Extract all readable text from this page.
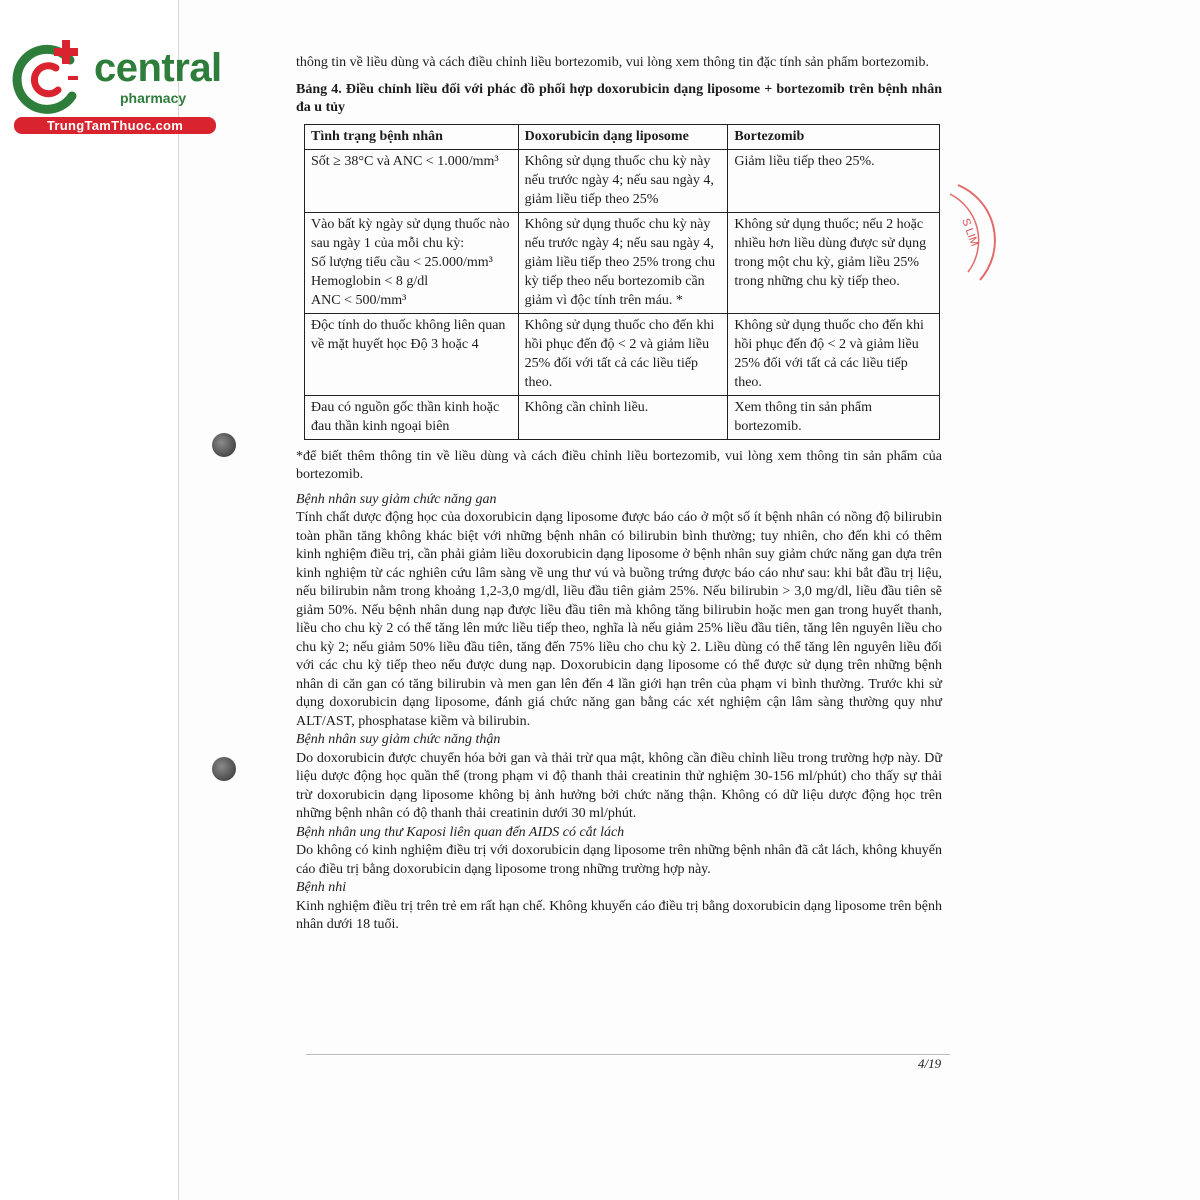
central
pharmacy
TrungTamThuoc.com
S LIM

thông tin về liều dùng và cách điều chỉnh liều bortezomib, vui lòng xem thông tin đặc tính sản phẩm bortezomib.

Bảng 4. Điều chỉnh liều đối với phác đồ phối hợp doxorubicin dạng liposome + bortezomib trên bệnh nhân đa u tủy

Tình trạng bệnh nhân	Doxorubicin dạng liposome	Bortezomib

Sốt ≥ 38°C và ANC < 1.000/mm³	Không sử dụng thuốc chu kỳ này nếu trước ngày 4; nếu sau ngày 4, giảm liều tiếp theo 25%	Giảm liều tiếp theo 25%.

Vào bất kỳ ngày sử dụng thuốc nào sau ngày 1 của mỗi chu kỳ:
Số lượng tiểu cầu < 25.000/mm³
Hemoglobin < 8 g/dl
ANC < 500/mm³	Không sử dụng thuốc chu kỳ này nếu trước ngày 4; nếu sau ngày 4, giảm liều tiếp theo 25% trong chu kỳ tiếp theo nếu bortezomib cần giảm vì độc tính trên máu. *	Không sử dụng thuốc; nếu 2 hoặc nhiều hơn liều dùng được sử dụng trong một chu kỳ, giảm liều 25% trong những chu kỳ tiếp theo.

Độc tính do thuốc không liên quan về mặt huyết học Độ 3 hoặc 4	Không sử dụng thuốc cho đến khi hồi phục đến độ < 2 và giảm liều 25% đối với tất cả các liều tiếp theo.	Không sử dụng thuốc cho đến khi hồi phục đến độ < 2 và giảm liều 25% đối với tất cả các liều tiếp theo.

Đau có nguồn gốc thần kinh hoặc đau thần kinh ngoại biên	Không cần chỉnh liều.	Xem thông tin sản phẩm bortezomib.

*để biết thêm thông tin về liều dùng và cách điều chỉnh liều bortezomib, vui lòng xem thông tin sản phẩm của bortezomib.

Bệnh nhân suy giảm chức năng gan

Tính chất dược động học của doxorubicin dạng liposome được báo cáo ở một số ít bệnh nhân có nồng độ bilirubin toàn phần tăng không khác biệt với những bệnh nhân có bilirubin bình thường; tuy nhiên, cho đến khi có thêm kinh nghiệm điều trị, cần phải giảm liều doxorubicin dạng liposome ở bệnh nhân suy giảm chức năng gan dựa trên kinh nghiệm từ các nghiên cứu lâm sàng về ung thư vú và buồng trứng được báo cáo như sau: khi bắt đầu trị liệu, nếu bilirubin nằm trong khoảng 1,2-3,0 mg/dl, liều đầu tiên giảm 25%. Nếu bilirubin > 3,0 mg/dl, liều đầu tiên sẽ giảm 50%. Nếu bệnh nhân dung nạp được liều đầu tiên mà không tăng bilirubin hoặc men gan trong huyết thanh, liều cho chu kỳ 2 có thể tăng lên mức liều tiếp theo, nghĩa là nếu giảm 25% liều đầu tiên, tăng lên nguyên liều cho chu kỳ 2; nếu giảm 50% liều đầu tiên, tăng đến 75% liều cho chu kỳ 2. Liều dùng có thể tăng lên nguyên liều đối với các chu kỳ tiếp theo nếu được dung nạp. Doxorubicin dạng liposome có thể được sử dụng trên những bệnh nhân di căn gan có tăng bilirubin và men gan lên đến 4 lần giới hạn trên của phạm vi bình thường. Trước khi sử dụng doxorubicin dạng liposome, đánh giá chức năng gan bằng các xét nghiệm cận lâm sàng thường quy như ALT/AST, phosphatase kiềm và bilirubin.

Bệnh nhân suy giảm chức năng thận

Do doxorubicin được chuyển hóa bởi gan và thải trừ qua mật, không cần điều chỉnh liều trong trường hợp này. Dữ liệu dược động học quần thể (trong phạm vi độ thanh thải creatinin thử nghiệm 30-156 ml/phút) cho thấy sự thải trừ doxorubicin dạng liposome không bị ảnh hưởng bởi chức năng thận. Không có dữ liệu dược động học trên những bệnh nhân có độ thanh thải creatinin dưới 30 ml/phút.

Bệnh nhân ung thư Kaposi liên quan đến AIDS có cắt lách

Do không có kinh nghiệm điều trị với doxorubicin dạng liposome trên những bệnh nhân đã cắt lách, không khuyến cáo điều trị bằng doxorubicin dạng liposome trong những trường hợp này.

Bệnh nhi

Kinh nghiệm điều trị trên trẻ em rất hạn chế. Không khuyến cáo điều trị bằng doxorubicin dạng liposome trên bệnh nhân dưới 18 tuổi.

4/19
